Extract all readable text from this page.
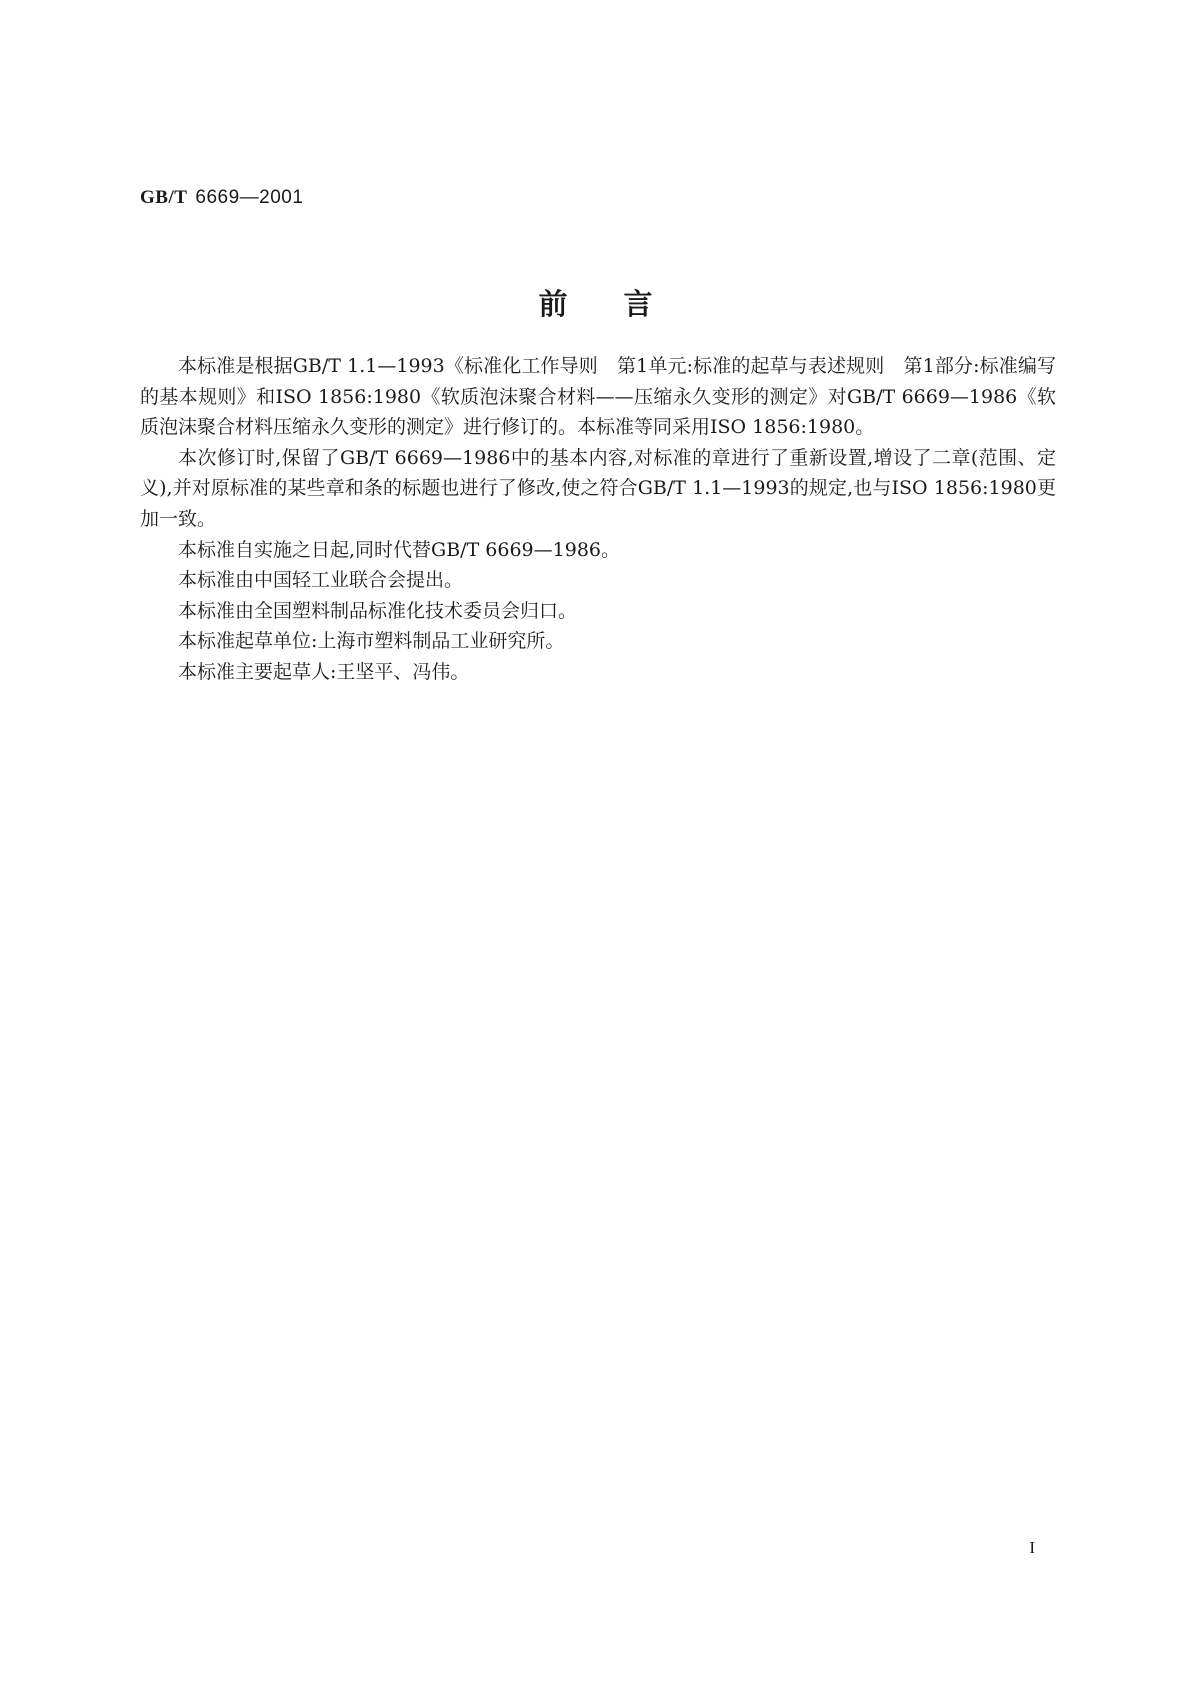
GB/T 6669—2001
前言

本标准是根据GB/T 1.1—1993《标准化工作导则　第1单元:标准的起草与表述规则　第1部分:标准编写的基本规则》和ISO 1856:1980《软质泡沫聚合材料——压缩永久变形的测定》对GB/T 6669—1986《软质泡沫聚合材料压缩永久变形的测定》进行修订的。本标准等同采用ISO 1856:1980。

本次修订时,保留了GB/T 6669—1986中的基本内容,对标准的章进行了重新设置,增设了二章(范围、定义),并对原标准的某些章和条的标题也进行了修改,使之符合GB/T 1.1—1993的规定,也与ISO 1856:1980更加一致。

本标准自实施之日起,同时代替GB/T 6669—1986。

本标准由中国轻工业联合会提出。

本标准由全国塑料制品标准化技术委员会归口。

本标准起草单位:上海市塑料制品工业研究所。

本标准主要起草人:王坚平、冯伟。

I
